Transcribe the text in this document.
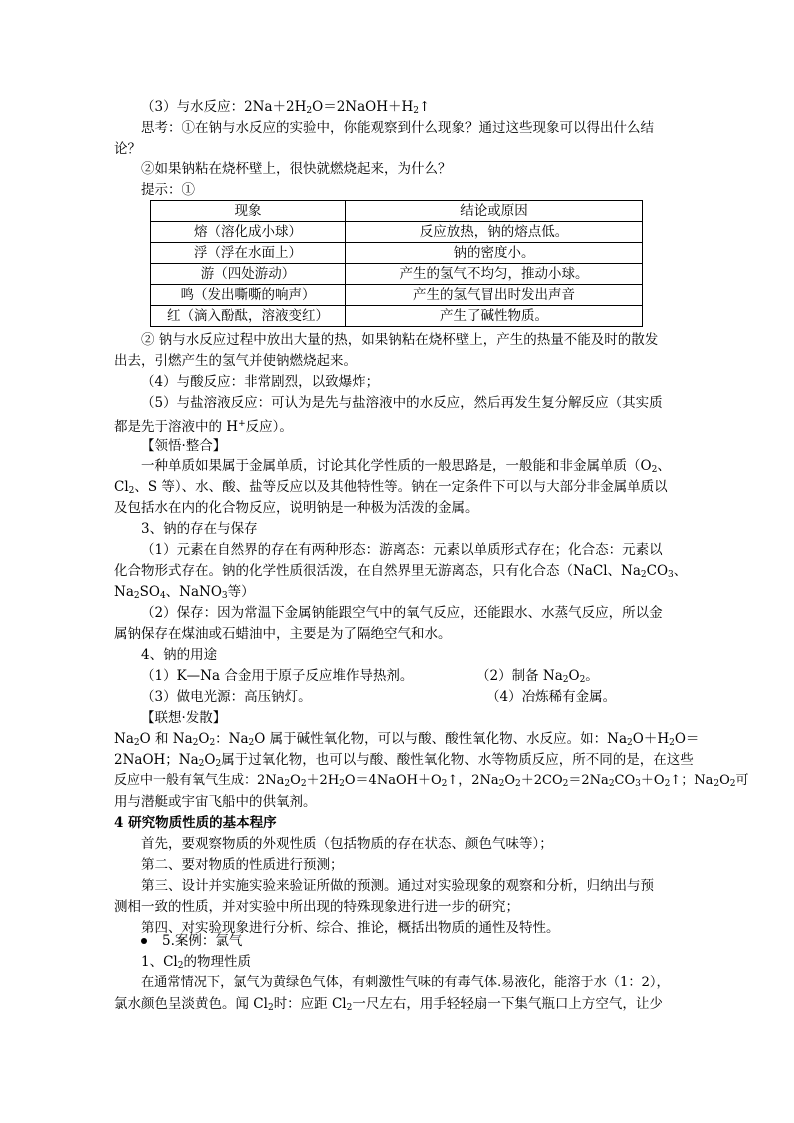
（3）与水反应：$2Na+2H_2O=2NaOH+H_2↑$
思考：①在钠与水反应的实验中，你能观察到什么现象？通过这些现象可以得出什么结
论？
②如果钠粘在烧杯壁上，很快就燃烧起来，为什么？
提示：①
现象	结论或原因
熔（溶化成小球）	反应放热，钠的熔点低。
浮（浮在水面上）	钠的密度小。
游（四处游动）	产生的氢气不均匀，推动小球。
鸣（发出嘶嘶的响声）	产生的氢气冒出时发出声音
红（滴入酚酞，溶液变红）	产生了碱性物质。
② 钠与水反应过程中放出大量的热，如果钠粘在烧杯壁上，产生的热量不能及时的散发
出去，引燃产生的氢气并使钠燃烧起来。
（4）与酸反应：非常剧烈，以致爆炸；
（5）与盐溶液反应：可认为是先与盐溶液中的水反应，然后再发生复分解反应（其实质
都是先于溶液中的 H+反应）。
【领悟·整合】
一种单质如果属于金属单质，讨论其化学性质的一般思路是，一般能和非金属单质（$O_2$、
$Cl_2$、S 等）、水、酸、盐等反应以及其他特性等。钠在一定条件下可以与大部分非金属单质以
及包括水在内的化合物反应，说明钠是一种极为活泼的金属。
3、钠的存在与保存
（1）元素在自然界的存在有两种形态：游离态：元素以单质形式存在；化合态：元素以
化合物形式存在。钠的化学性质很活泼，在自然界里无游离态，只有化合态（NaCl、$Na_2CO_3$、
$Na_2SO_4$、NaNO$_3$等）
（2）保存：因为常温下金属钠能跟空气中的氧气反应，还能跟水、水蒸气反应，所以金
属钠保存在煤油或石蜡油中，主要是为了隔绝空气和水。
4、钠的用途
（1）K—Na 合金用于原子反应堆作导热剂。	（2）制备 $Na_2O_2$。
（3）做电光源：高压钠灯。	（4）冶炼稀有金属。
【联想·发散】
$Na_2O$ 和 $Na_2O_2$：$Na_2O$ 属于碱性氧化物，可以与酸、酸性氧化物、水反应。如：$Na_2O+H_2O=$
2NaOH；$Na_2O_2$属于过氧化物，也可以与酸、酸性氧化物、水等物质反应，所不同的是，在这些
反应中一般有氧气生成：$2Na_2O_2+2H_2O=4NaOH+O_2↑$，$2Na_2O_2+2CO_2=2Na_2CO_3+O_2↑$；$Na_2O_2$可
用与潜艇或宇宙飞船中的供氧剂。
4 研究物质性质的基本程序
首先，要观察物质的外观性质（包括物质的存在状态、颜色气味等）；
第二、要对物质的性质进行预测；
第三、设计并实施实验来验证所做的预测。通过对实验现象的观察和分析，归纳出与预
测相一致的性质，并对实验中所出现的特殊现象进行进一步的研究；
第四、对实验现象进行分析、综合、推论，概括出物质的通性及特性。
5.案例：氯气
1、$Cl_2$的物理性质
在通常情况下，氯气为黄绿色气体，有刺激性气味的有毒气体.易液化，能溶于水（1：2），
氯水颜色呈淡黄色。闻 $Cl_2$时：应距 $Cl_2$一尺左右，用手轻轻扇一下集气瓶口上方空气，让少
